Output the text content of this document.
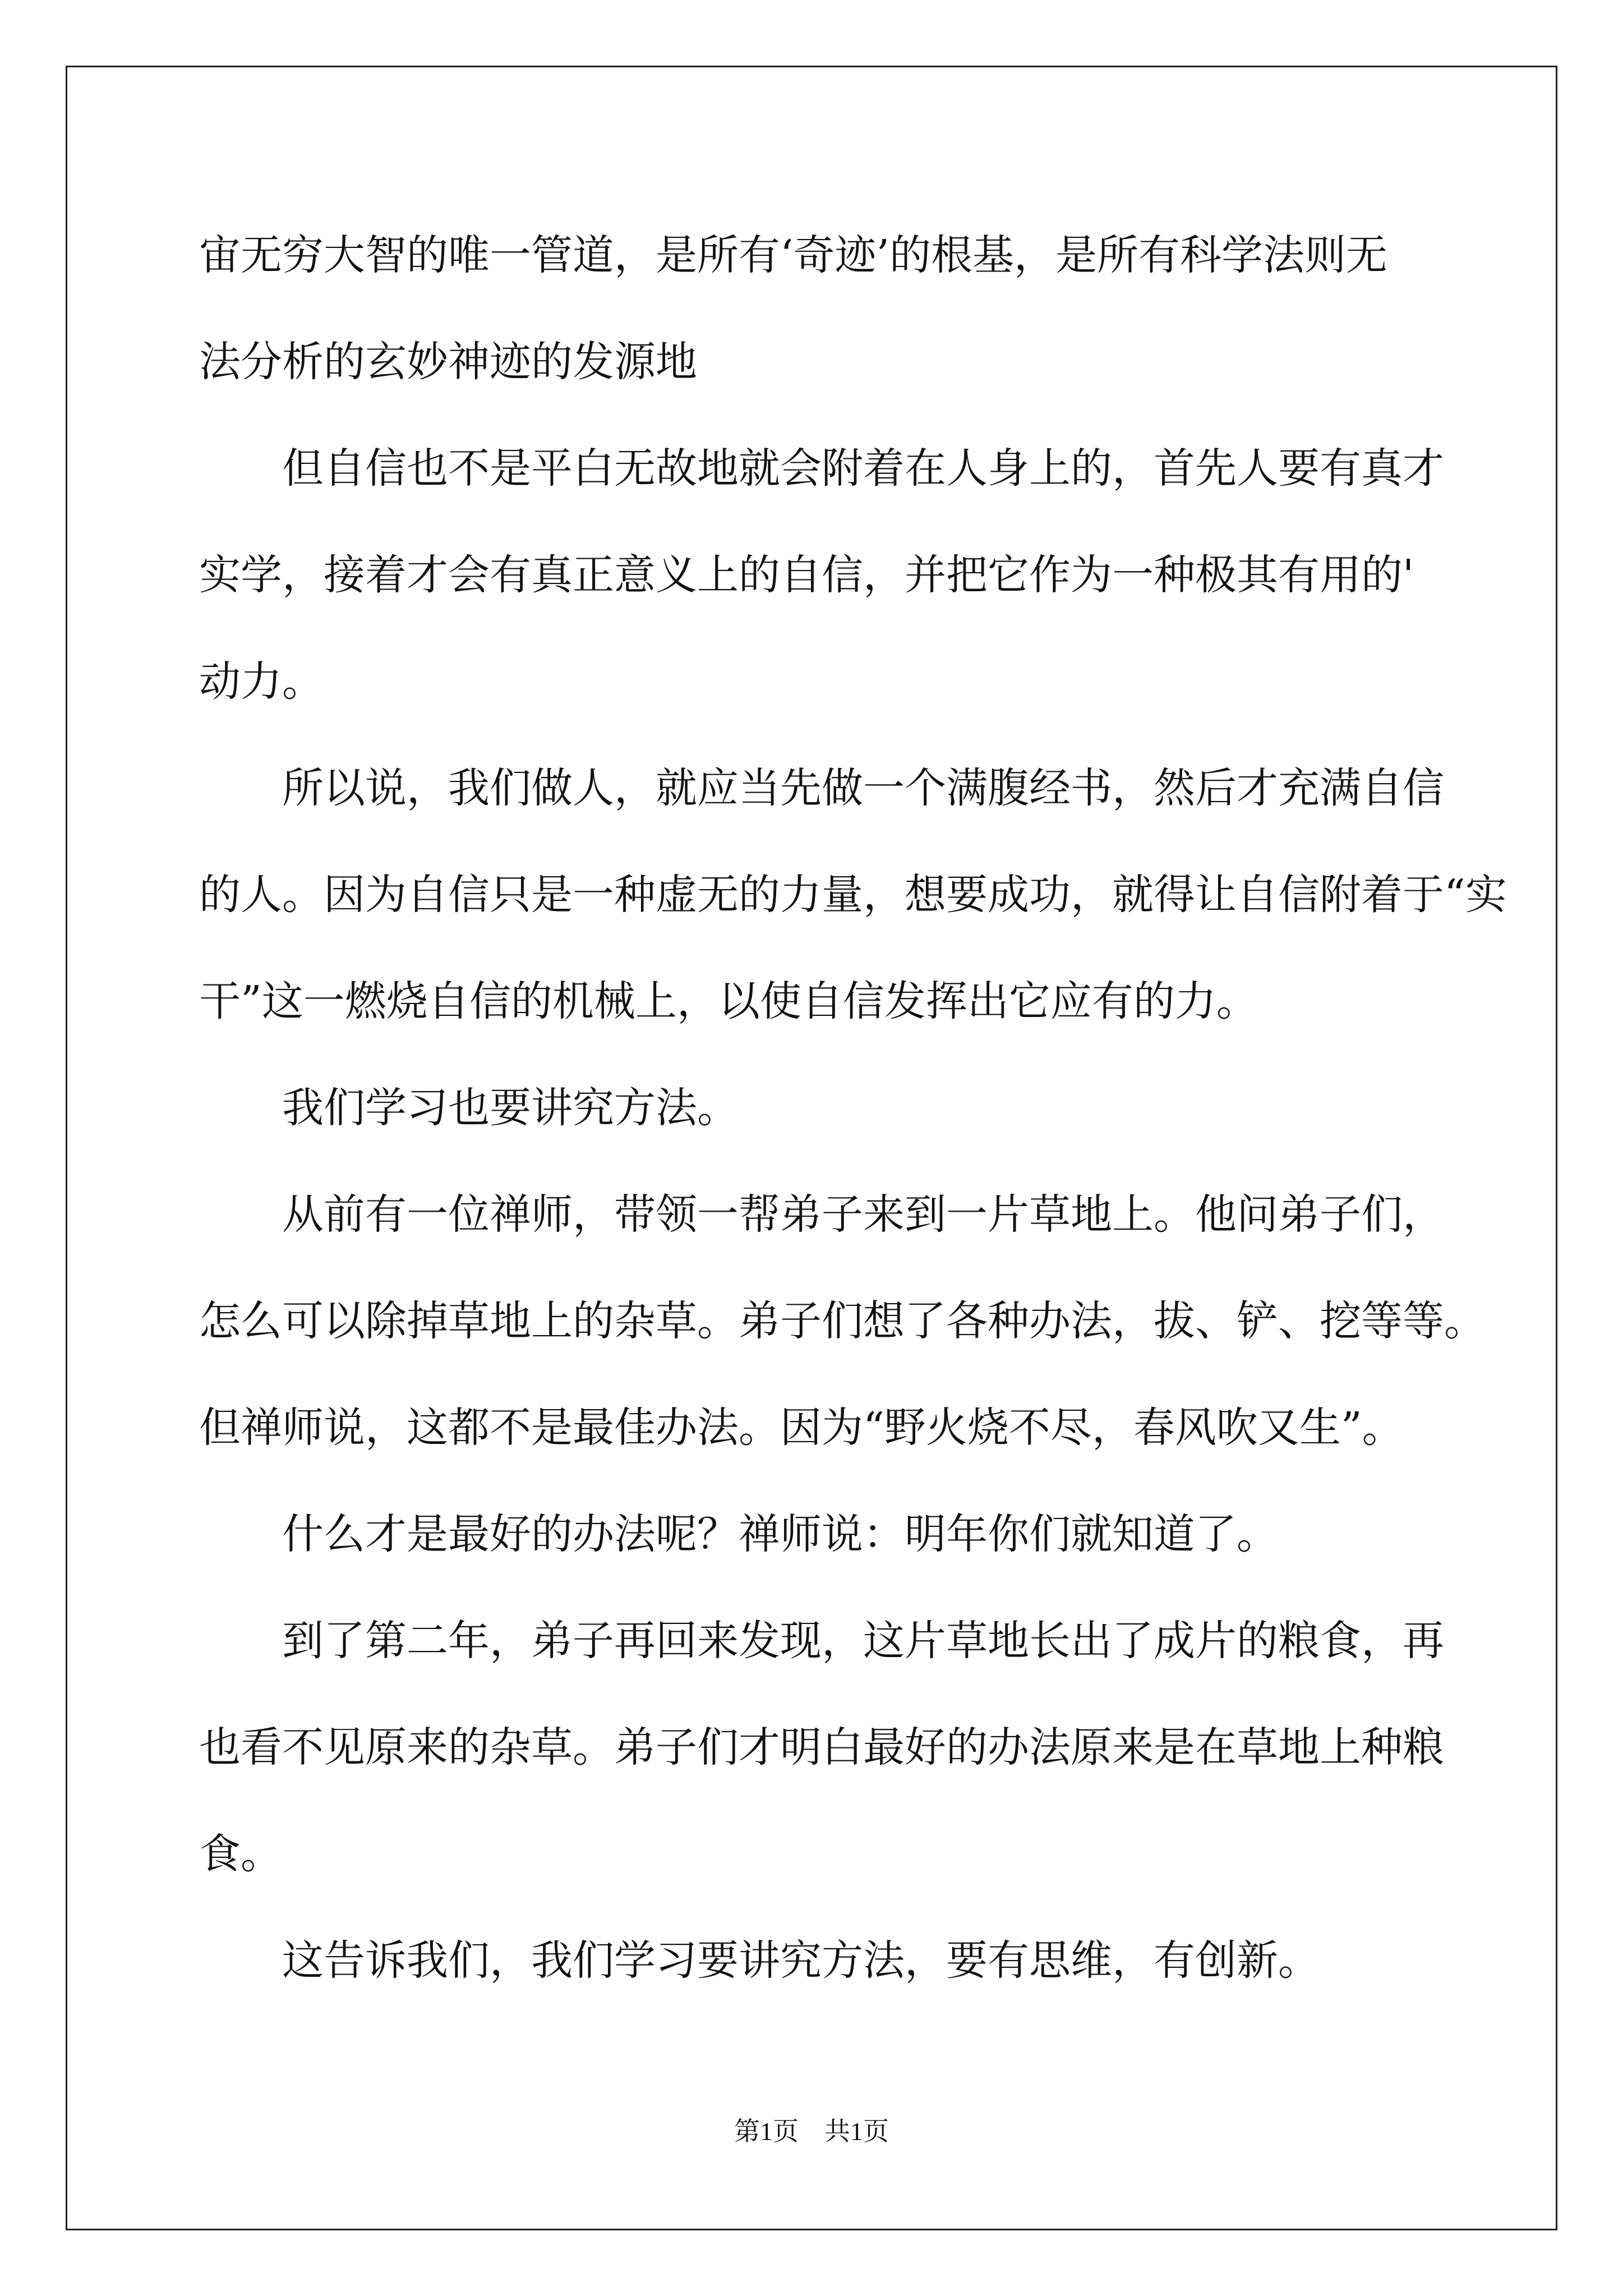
宙无穷大智的唯一管道，是所有‘奇迹’的根基，是所有科学法则无
法分析的玄妙神迹的发源地
但自信也不是平白无故地就会附着在人身上的，首先人要有真才
实学，接着才会有真正意义上的自信，并把它作为一种极其有用的'
动力。
所以说，我们做人，就应当先做一个满腹经书，然后才充满自信
的人。因为自信只是一种虚无的力量，想要成功，就得让自信附着于“实
干”这一燃烧自信的机械上，以使自信发挥出它应有的力。
我们学习也要讲究方法。
从前有一位禅师，带领一帮弟子来到一片草地上。他问弟子们，
怎么可以除掉草地上的杂草。弟子们想了各种办法，拔、铲、挖等等。
但禅师说，这都不是最佳办法。因为“野火烧不尽，春风吹又生”。
什么才是最好的办法呢？禅师说：明年你们就知道了。
到了第二年，弟子再回来发现，这片草地长出了成片的粮食，再
也看不见原来的杂草。弟子们才明白最好的办法原来是在草地上种粮
食。
这告诉我们，我们学习要讲究方法，要有思维，有创新。
第1页　共1页
